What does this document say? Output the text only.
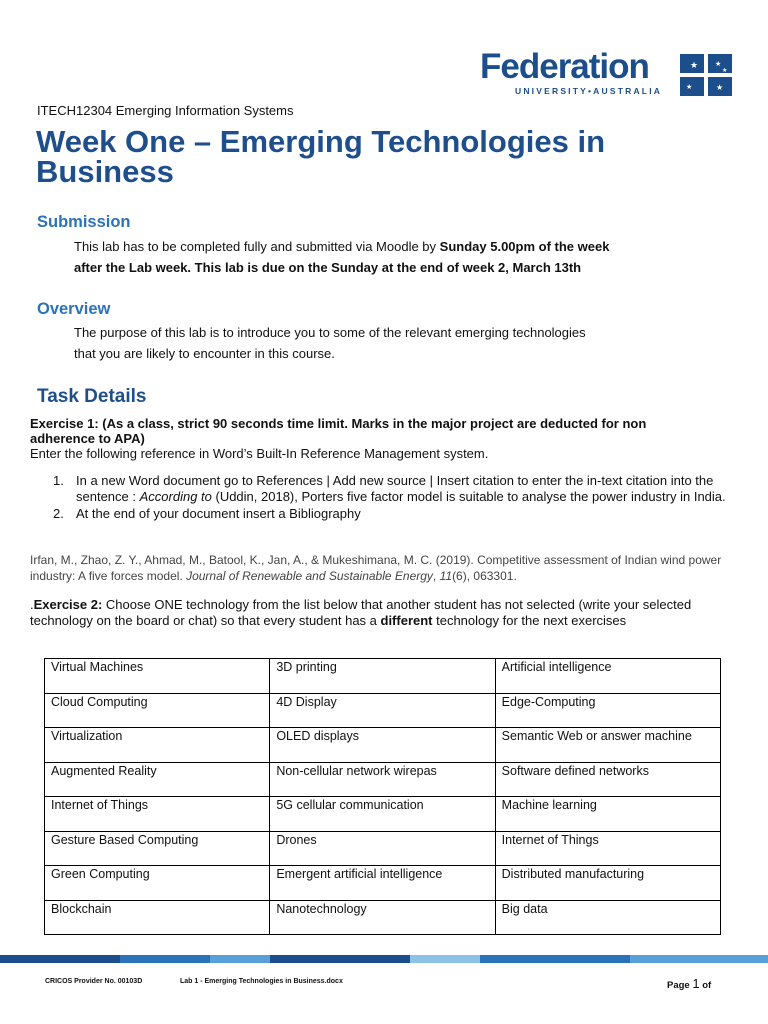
Federation
UNIVERSITY•AUSTRALIA
★ ★
★
★	★
ITECH12304 Emerging Information Systems
Week One – Emerging Technologies in Business
Submission
This lab has to be completed fully and submitted via Moodle by Sunday 5.00pm of the week
after the Lab week. This lab is due on the Sunday at the end of week 2, March 13th
Overview
The purpose of this lab is to introduce you to some of the relevant emerging technologies
that you are likely to encounter in this course.
Task Details
Exercise 1: (As a class, strict 90 seconds time limit. Marks in the major project are deducted for non
adherence to APA)
Enter the following reference in Word’s Built-In Reference Management system.
1. In a new Word document go to References | Add new source | Insert citation to enter the in-text citation into the sentence : According to (Uddin, 2018), Porters five factor model is suitable to analyse the power industry in India.
2. At the end of your document insert a Bibliography
Irfan, M., Zhao, Z. Y., Ahmad, M., Batool, K., Jan, A., & Mukeshimana, M. C. (2019). Competitive assessment of Indian wind power industry: A five forces model. Journal of Renewable and Sustainable Energy, 11(6), 063301.
.Exercise 2: Choose ONE technology from the list below that another student has not selected (write your selected technology on the board or chat) so that every student has a different technology for the next exercises
Virtual Machines	3D printing	Artificial intelligence
Cloud Computing	4D Display	Edge-Computing
Virtualization	OLED displays	Semantic Web or answer machine
Augmented Reality	Non-cellular network wirepas	Software defined networks
Internet of Things	5G cellular communication	Machine learning
Gesture Based Computing	Drones	Internet of Things
Green Computing	Emergent artificial intelligence	Distributed manufacturing
Blockchain	Nanotechnology	Big data
CRICOS Provider No. 00103D	Lab 1 - Emerging Technologies in Business.docx	Page 1 of
